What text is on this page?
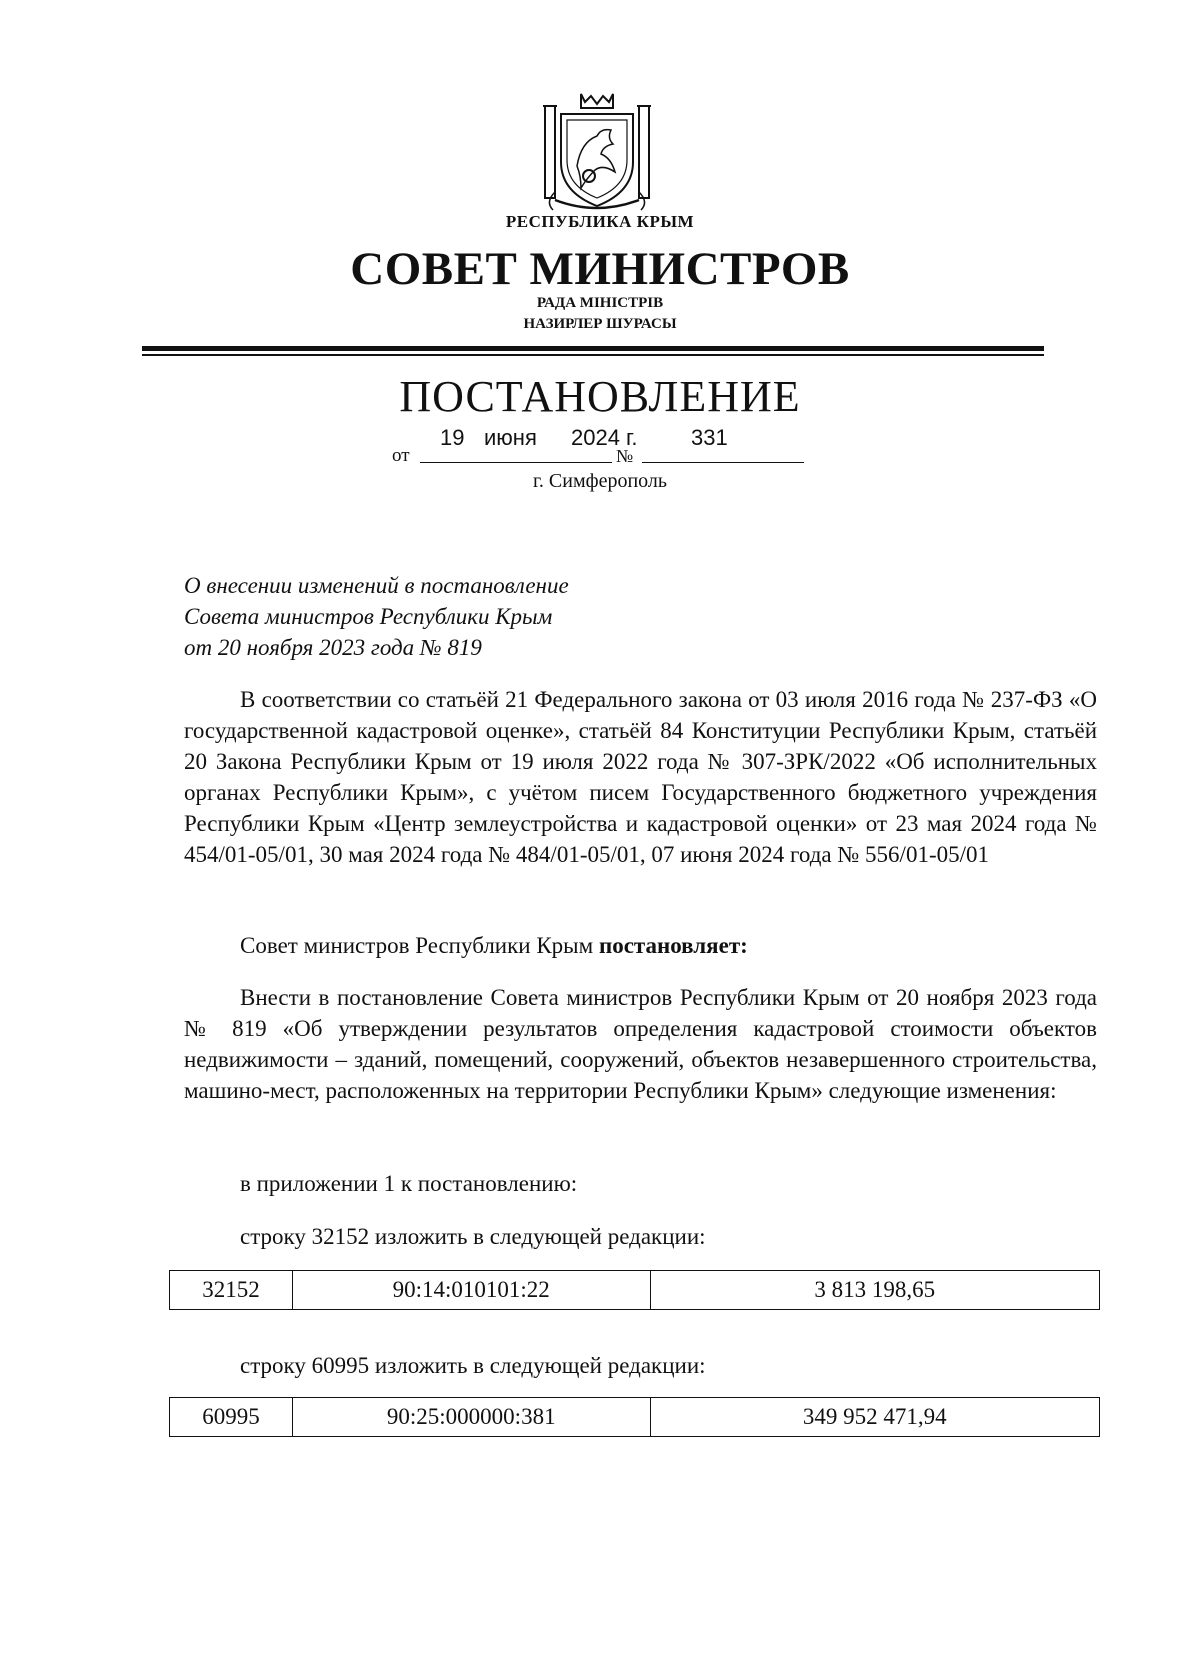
РЕСПУБЛИКА КРЫМ
СОВЕТ МИНИСТРОВ
РАДА МІНІСТРІВ
НАЗИРЛЕР ШУРАСЫ
ПОСТАНОВЛЕНИЕ
от
19 июня 2024 г.
№
331
г. Симферополь
О внесении изменений в постановление
Совета министров Республики Крым
от 20 ноября 2023 года № 819
В соответствии со статьёй 21 Федерального закона от 03 июля 2016 года № 237-ФЗ «О государственной кадастровой оценке», статьёй 84 Конституции Республики Крым, статьёй 20 Закона Республики Крым от 19 июля 2022 года № 307-ЗРК/2022 «Об исполнительных органах Республики Крым», с учётом писем Государственного бюджетного учреждения Республики Крым «Центр землеустройства и кадастровой оценки» от 23 мая 2024 года № 454/01-05/01, 30 мая 2024 года № 484/01-05/01, 07 июня 2024 года № 556/01-05/01
Совет министров Республики Крым постановляет:
Внести в постановление Совета министров Республики Крым от 20 ноября 2023 года № 819 «Об утверждении результатов определения кадастровой стоимости объектов недвижимости – зданий, помещений, сооружений, объектов незавершенного строительства, машино-мест, расположенных на территории Республики Крым» следующие изменения:
в приложении 1 к постановлению:
строку 32152 изложить в следующей редакции:
32152	90:14:010101:22	3 813 198,65
строку 60995 изложить в следующей редакции:
60995	90:25:000000:381	349 952 471,94
